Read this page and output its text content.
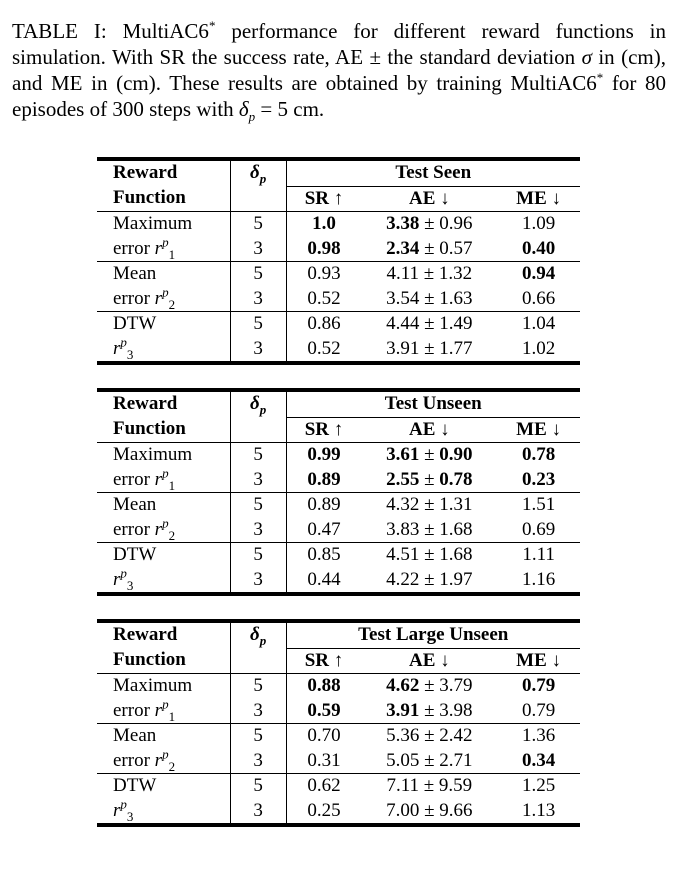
TABLE I: MultiAC6* performance for different reward functions in simulation. With SR the success rate, AE ± the standard deviation σ in (cm), and ME in (cm). These results are obtained by training MultiAC6* for 80 episodes of 300 steps with $\delta_p = 5$ cm.
Reward	$\delta_p$	Test Seen		
Function		SR ↑	AE ↓	ME ↓
Maximum	5	1.0	3.38 ± 0.96	1.09
error $r^p_1$	3	0.98	2.34 ± 0.57	0.40
Mean	5	0.93	4.11 ± 1.32	0.94
error $r^p_2$	3	0.52	3.54 ± 1.63	0.66
DTW	5	0.86	4.44 ± 1.49	1.04
$r^p_3$	3	0.52	3.91 ± 1.77	1.02
Reward	$\delta_p$	Test Unseen		
Function		SR ↑	AE ↓	ME ↓
Maximum	5	0.99	3.61 ± 0.90	0.78
error $r^p_1$	3	0.89	2.55 ± 0.78	0.23
Mean	5	0.89	4.32 ± 1.31	1.51
error $r^p_2$	3	0.47	3.83 ± 1.68	0.69
DTW	5	0.85	4.51 ± 1.68	1.11
$r^p_3$	3	0.44	4.22 ± 1.97	1.16
Reward	$\delta_p$	Test Large Unseen		
Function		SR ↑	AE ↓	ME ↓
Maximum	5	0.88	4.62 ± 3.79	0.79
error $r^p_1$	3	0.59	3.91 ± 3.98	0.79
Mean	5	0.70	5.36 ± 2.42	1.36
error $r^p_2$	3	0.31	5.05 ± 2.71	0.34
DTW	5	0.62	7.11 ± 9.59	1.25
$r^p_3$	3	0.25	7.00 ± 9.66	1.13
